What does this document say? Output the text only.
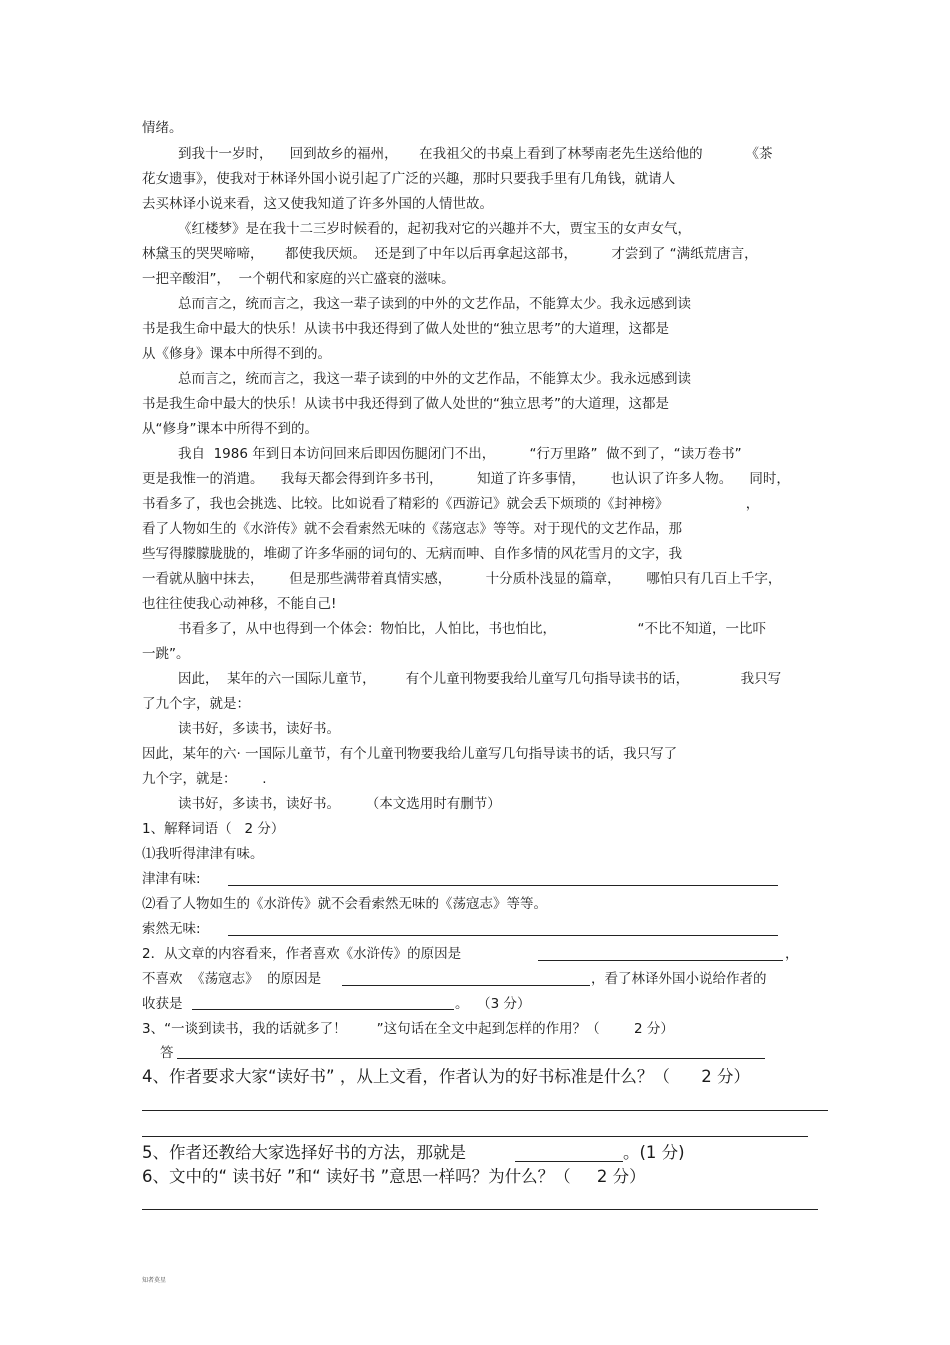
情绪。
到我十一岁时，    回到故乡的福州，     在我祖父的书桌上看到了林琴南老先生送给他的          《茶
花女遗事》，使我对于林译外国小说引起了广泛的兴趣，那时只要我手里有几角钱，就请人
去买林译小说来看，这又使我知道了许多外国的人情世故。
《红楼梦》是在我十二三岁时候看的，起初我对它的兴趣并不大，贾宝玉的女声女气，
林黛玉的哭哭啼啼，     都使我厌烦。  还是到了中年以后再拿起这部书，        才尝到了 “满纸荒唐言，
一把辛酸泪”，  一个朝代和家庭的兴亡盛衰的滋味。
总而言之，统而言之，我这一辈子读到的中外的文艺作品，不能算太少。我永远感到读
书是我生命中最大的快乐！从读书中我还得到了做人处世的“独立思考”的大道理，这都是
从《修身》课本中所得不到的。
总而言之，统而言之，我这一辈子读到的中外的文艺作品，不能算太少。我永远感到读
书是我生命中最大的快乐！从读书中我还得到了做人处世的“独立思考”的大道理，这都是
从“修身”课本中所得不到的。
我自  1986 年到日本访问回来后即因伤腿闭门不出，        “行万里路”  做不到了，“读万卷书”
更是我惟一的消遣。    我每天都会得到许多书刊，        知道了许多事情，      也认识了许多人物。    同时，
书看多了，我也会挑选、比较。比如说看了精彩的《西游记》就会丢下烦琐的《封神榜》                  ，
看了人物如生的《水浒传》就不会看索然无味的《荡寇志》等等。对于现代的文艺作品，那
些写得朦朦胧胧的，堆砌了许多华丽的词句的、无病而呻、自作多情的风花雪月的文字，我
一看就从脑中抹去，      但是那些满带着真情实感，        十分质朴浅显的篇章，      哪怕只有几百上千字，
也往往使我心动神移，不能自己!
书看多了，从中也得到一个体会：物怕比，人怕比，书也怕比，                   “不比不知道，一比吓
一跳”。
因此，  某年的六一国际儿童节，       有个儿童刊物要我给儿童写几句指导读书的话，            我只写
了九个字，就是：
读书好，多读书，读好书。
因此，某年的六· 一国际儿童节，有个儿童刊物要我给儿童写几句指导读书的话，我只写了
九个字，就是：      .
读书好，多读书，读好书。      （本文选用时有删节）
1、解释词语（   2 分）
⑴我听得津津有味。
津津有味:
⑵看了人物如生的《水浒传》就不会看索然无味的《荡寇志》等等。
索然无味:
2．从文章的内容看来，作者喜欢《水浒传》的原因是	，
不喜欢  《荡寇志》  的原因是	，看了林译外国小说给作者的
收获是	。  （3 分）
3、“一谈到读书，我的话就多了！       ”这句话在全文中起到怎样的作用？（        2 分）
答
4、作者要求大家“读好书” ，从上文看，作者认为的好书标准是什么？（      2 分）
5、作者还教给大家选择好书的方法，那就是	。(1 分)
6、文中的“ 读书好 ”和“ 读好书 ”意思一样吗？为什么？（     2 分）
知者莫星
